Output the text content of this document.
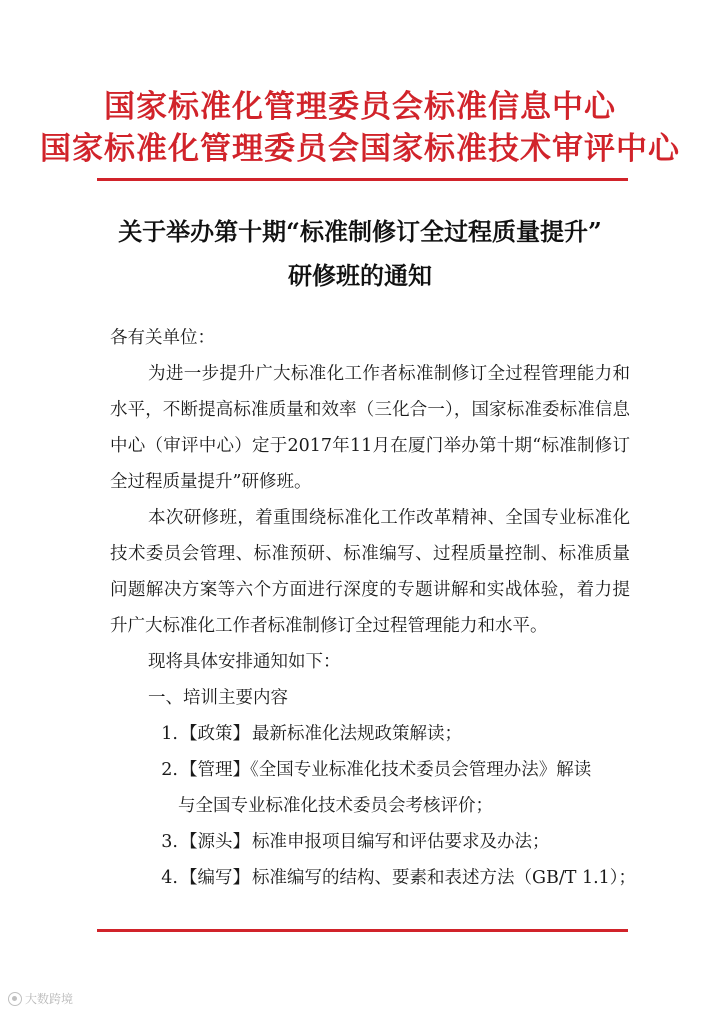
国家标准化管理委员会标准信息中心
国家标准化管理委员会国家标准技术审评中心
关于举办第十期“标准制修订全过程质量提升”
研修班的通知

各有关单位：

为进一步提升广大标准化工作者标准制修订全过程管理能力和水平，不断提高标准质量和效率（三化合一），国家标准委标准信息中心（审评中心）定于2017年11月在厦门举办第十期“标准制修订全过程质量提升”研修班。

本次研修班，着重围绕标准化工作改革精神、全国专业标准化技术委员会管理、标准预研、标准编写、过程质量控制、标准质量问题解决方案等六个方面进行深度的专题讲解和实战体验，着力提升广大标准化工作者标准制修订全过程管理能力和水平。

现将具体安排通知如下：

一、培训主要内容

1. 【政策】 最新标准化法规政策解读；
2. 【管理】《全国专业标准化技术委员会管理办法》解读与全国专业标准化技术委员会考核评价；
3. 【源头】 标准申报项目编写和评估要求及办法；
4. 【编写】 标准编写的结构、要素和表述方法（GB/T 1.1）；
大数跨境
